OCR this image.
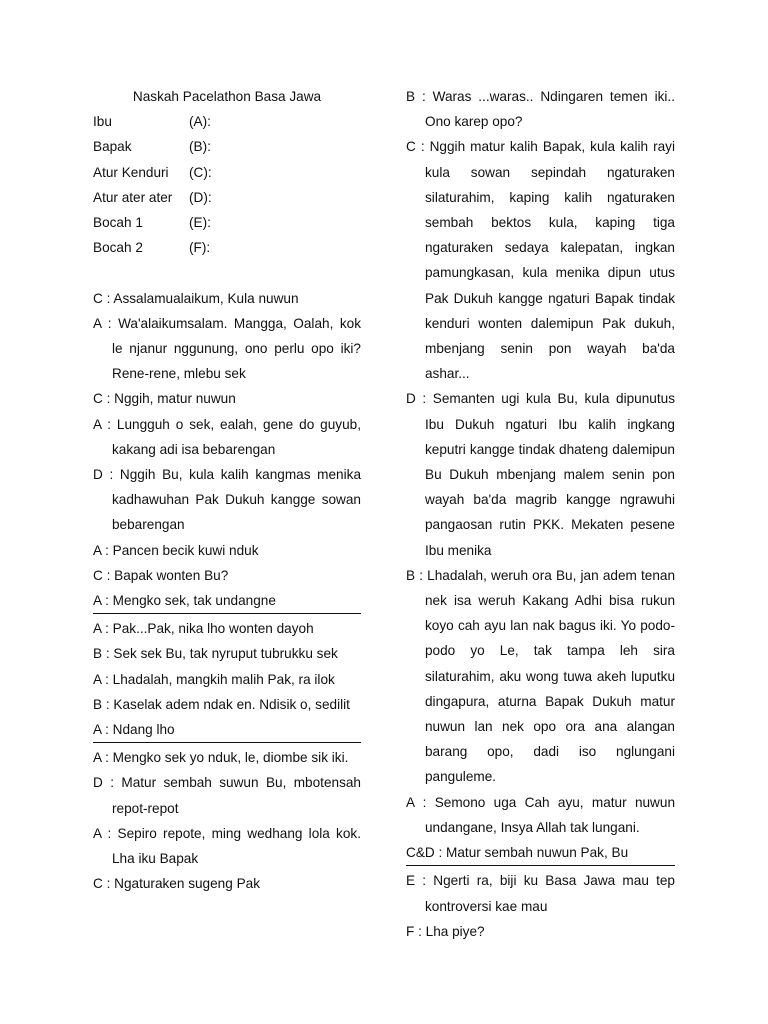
Naskah Pacelathon Basa Jawa
Ibu	(A):
Bapak	(B):
Atur Kenduri	(C):
Atur ater ater	(D):
Bocah 1	(E):
Bocah 2	(F):
C : Assalamualaikum, Kula nuwun
A : Wa'alaikumsalam. Mangga, Oalah, kok le njanur nggunung, ono perlu opo iki? Rene-rene, mlebu sek
C : Nggih, matur nuwun
A : Lungguh o sek, ealah, gene do guyub, kakang adi isa bebarengan
D : Nggih Bu, kula kalih kangmas menika kadhawuhan Pak Dukuh kangge sowan bebarengan
A : Pancen becik kuwi nduk
C : Bapak wonten Bu?
A : Mengko sek, tak undangne
A : Pak...Pak, nika lho wonten dayoh
B : Sek sek Bu, tak nyruput tubrukku sek
A : Lhadalah, mangkih malih Pak, ra ilok
B : Kaselak adem ndak en. Ndisik o, sedilit
A : Ndang lho
A : Mengko sek yo nduk, le, diombe sik iki.
D : Matur sembah suwun Bu, mbotensah repot-repot
A : Sepiro repote, ming wedhang lola kok. Lha iku Bapak
C : Ngaturaken sugeng Pak
B : Waras ...waras.. Ndingaren temen iki.. Ono karep opo?
C : Nggih matur kalih Bapak, kula kalih rayi kula sowan sepindah ngaturaken silaturahim, kaping kalih ngaturaken sembah bektos kula, kaping tiga ngaturaken sedaya kalepatan, ingkan pamungkasan, kula menika dipun utus Pak Dukuh kangge ngaturi Bapak tindak kenduri wonten dalemipun Pak dukuh, mbenjang senin pon wayah ba'da ashar...
D : Semanten ugi kula Bu, kula dipunutus Ibu Dukuh ngaturi Ibu kalih ingkang keputri kangge tindak dhateng dalemipun Bu Dukuh mbenjang malem senin pon wayah ba'da magrib kangge ngrawuhi pangaosan rutin PKK. Mekaten pesene Ibu menika
B : Lhadalah, weruh ora Bu, jan adem tenan nek isa weruh Kakang Adhi bisa rukun koyo cah ayu lan nak bagus iki. Yo podo-podo yo Le, tak tampa leh sira silaturahim, aku wong tuwa akeh luputku dingapura, aturna Bapak Dukuh matur nuwun lan nek opo ora ana alangan barang opo, dadi iso nglungani panguleme.
A : Semono uga Cah ayu, matur nuwun undangane, Insya Allah tak lungani.
C&D : Matur sembah nuwun Pak, Bu
E : Ngerti ra, biji ku Basa Jawa mau tep kontroversi kae mau
F : Lha piye?
